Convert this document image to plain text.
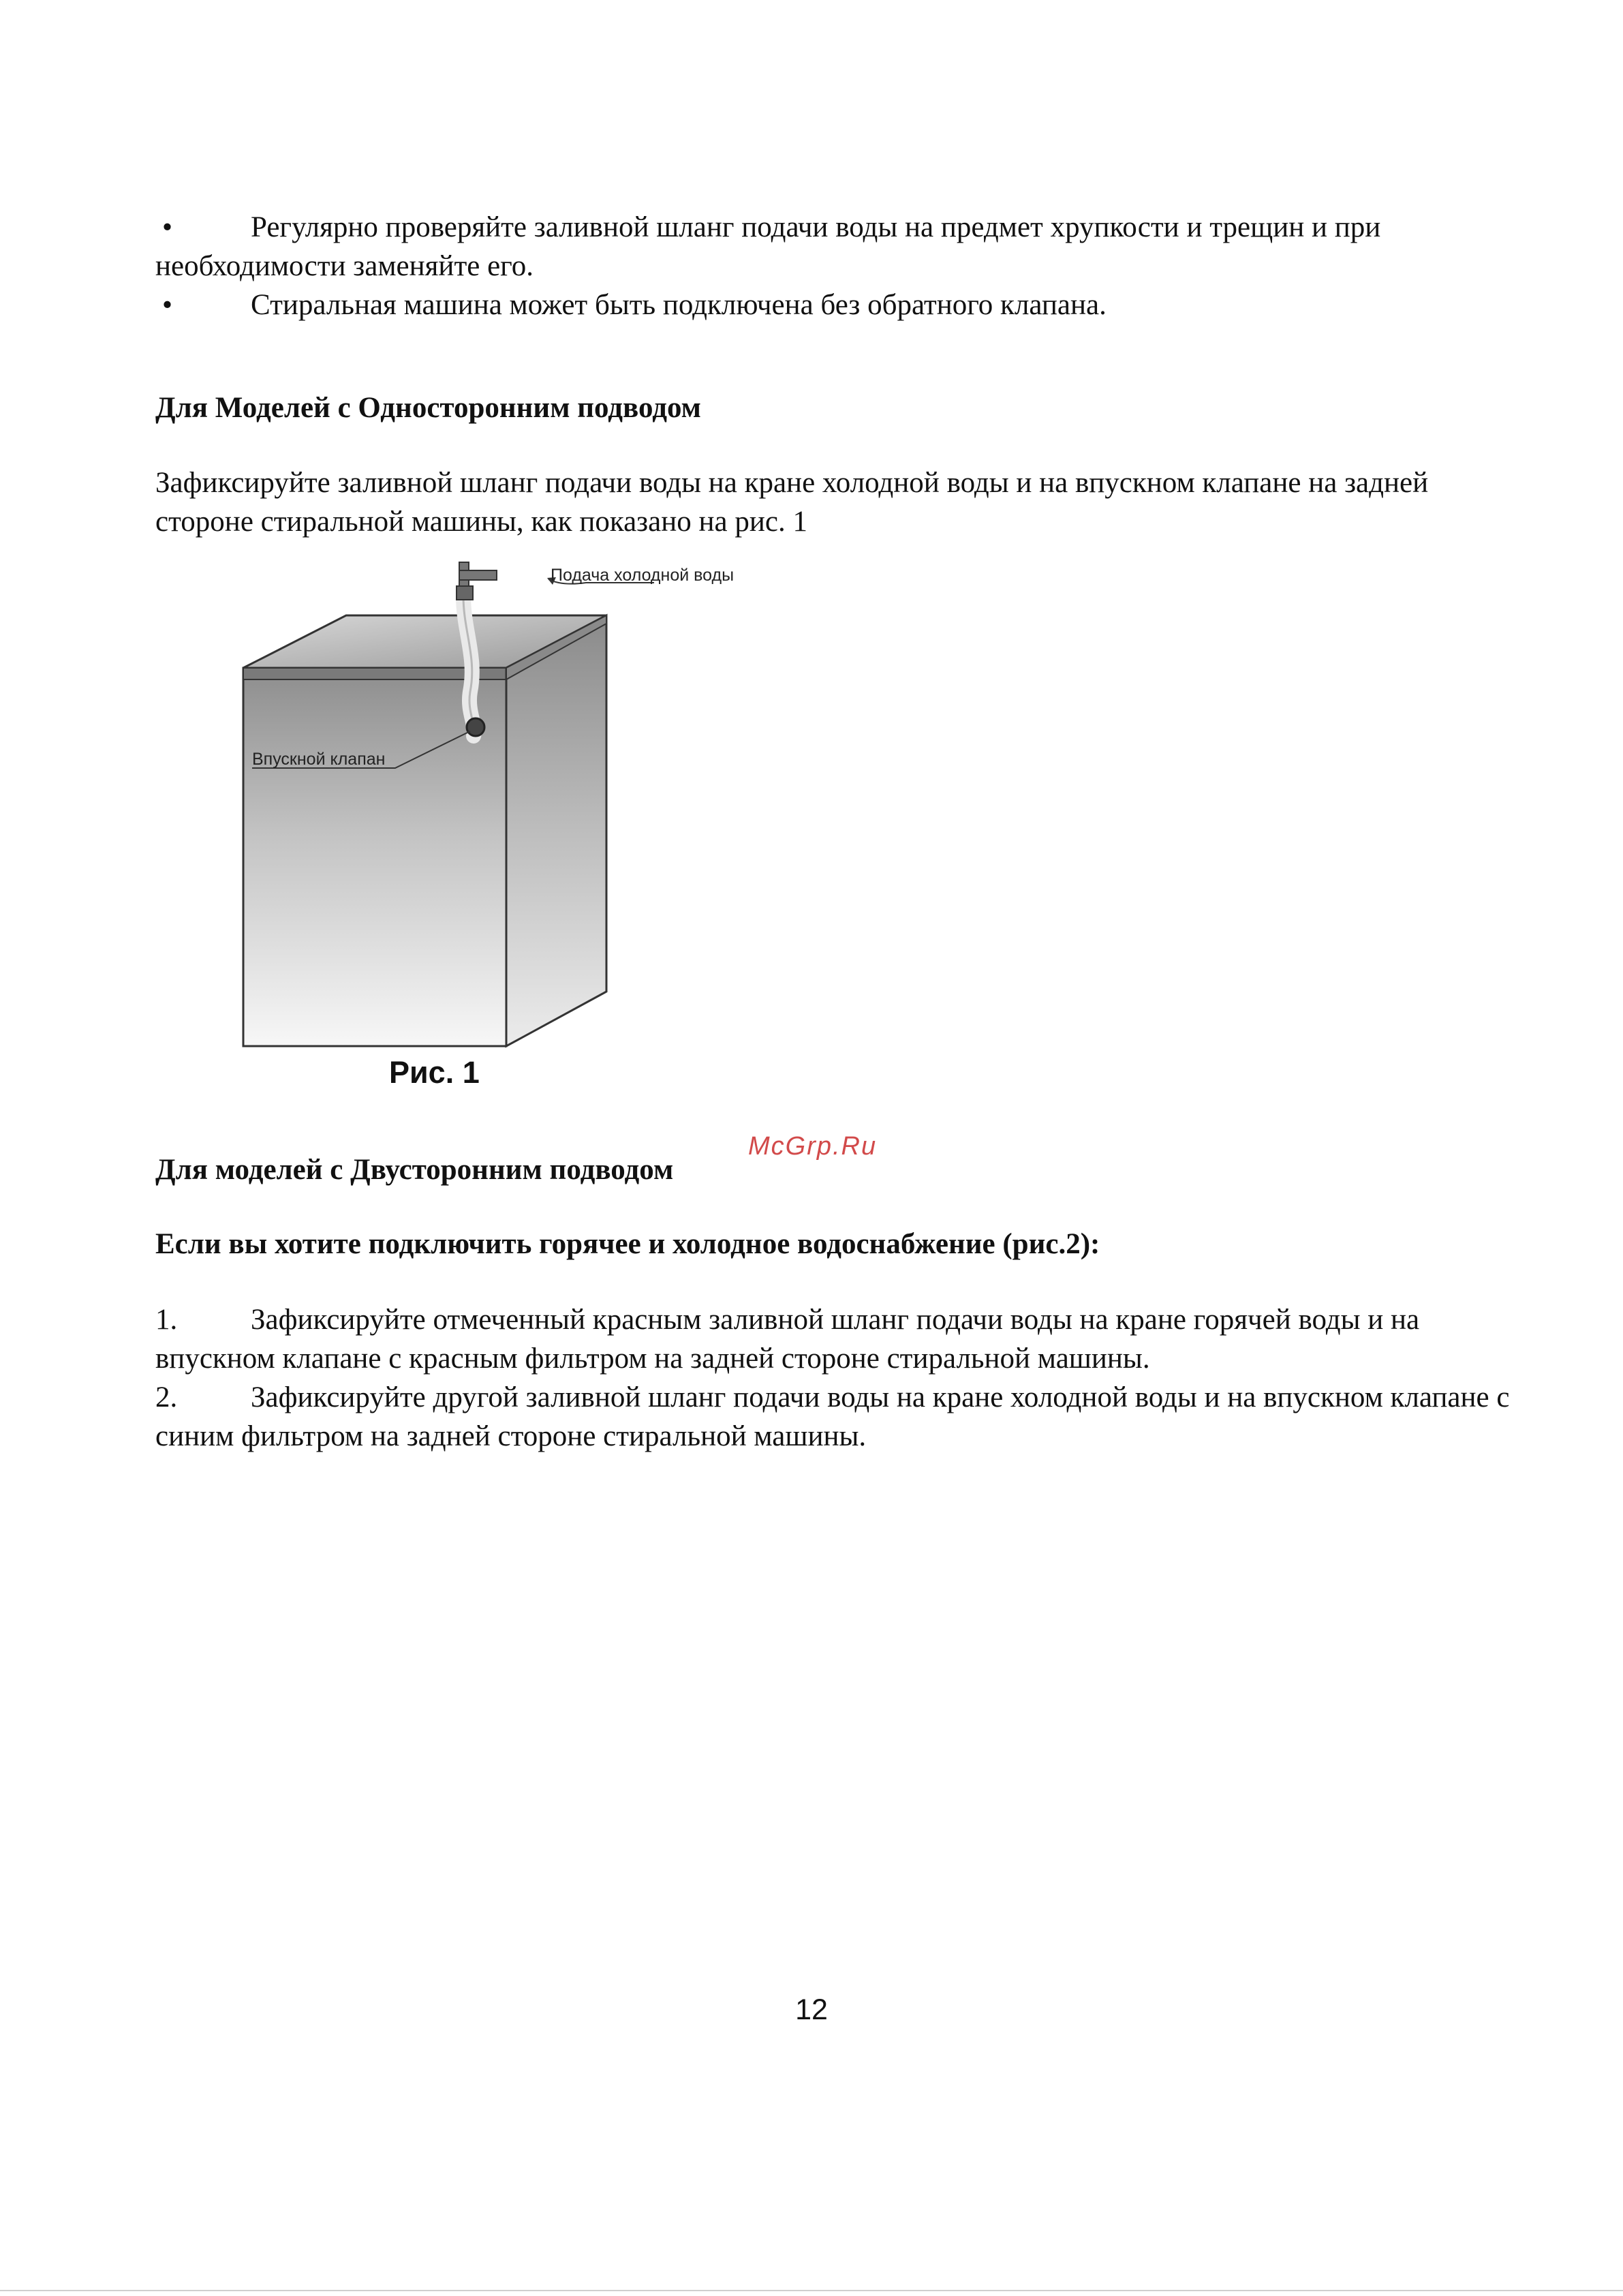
•	Регулярно проверяйте заливной шланг подачи воды на предмет хрупкости и трещин и при необходимости заменяйте его.
•	Стиральная машина может быть подключена без обратного клапана.
Для Моделей с Односторонним подводом
Зафиксируйте заливной шланг подачи воды на кране холодной воды и на впускном клапане на задней стороне стиральной машины, как показано на рис. 1
Подача холодной воды
Впускной клапан
Рис. 1
Для моделей с Двусторонним подводом
McGrp.Ru
Если вы хотите подключить горячее и холодное водоснабжение (рис.2):
1.	Зафиксируйте отмеченный красным заливной шланг подачи воды на кране горячей воды и на впускном клапане с красным фильтром на задней стороне стиральной машины.
2.	Зафиксируйте другой заливной шланг подачи воды на кране холодной воды и на впускном клапане с синим фильтром на задней стороне стиральной машины.
12
